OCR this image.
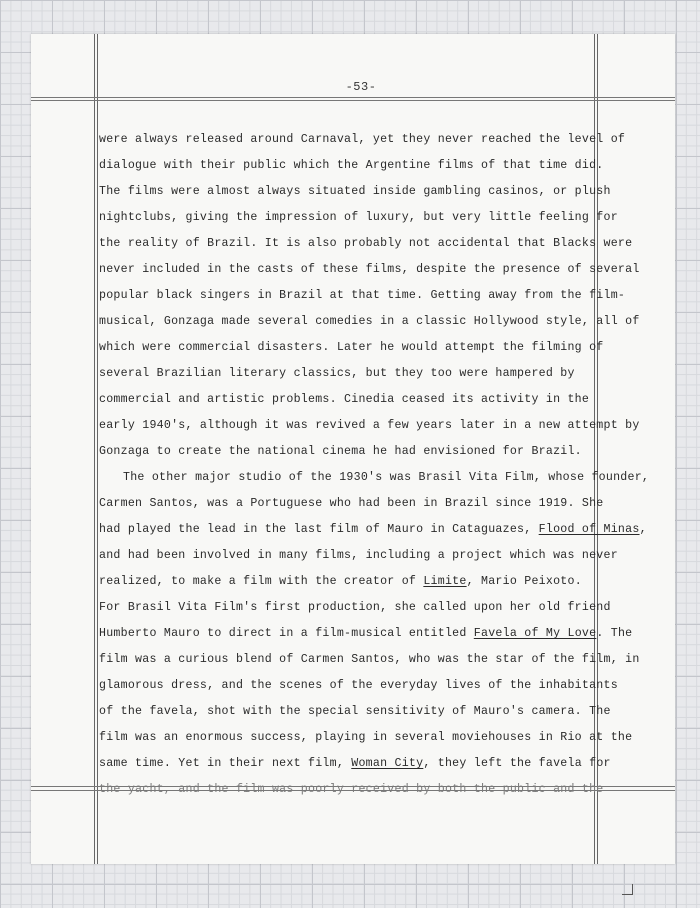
-53-
were always released around Carnaval, yet they never reached the level of
dialogue with their public which the Argentine films of that time did.
The films were almost always situated inside gambling casinos, or plush
nightclubs, giving the impression of luxury, but very little feeling for
the reality of Brazil. It is also probably not accidental that Blacks were
never included in the casts of these films, despite the presence of several
popular black singers in Brazil at that time. Getting away from the film-
musical, Gonzaga made several comedies in a classic Hollywood style, all of
which were commercial disasters. Later he would attempt the filming of
several Brazilian literary classics, but they too were hampered by
commercial and artistic problems. Cinedia ceased its activity in the
early 1940's, although it was revived a few years later in a new attempt by
Gonzaga to create the national cinema he had envisioned for Brazil.
The other major studio of the 1930's was Brasil Vita Film, whose founder,
Carmen Santos, was a Portuguese who had been in Brazil since 1919. She
had played the lead in the last film of Mauro in Cataguazes, Flood of Minas,
and had been involved in many films, including a project which was never
realized, to make a film with the creator of Limite, Mario Peixoto.
For Brasil Vita Film's first production, she called upon her old friend
Humberto Mauro to direct in a film-musical entitled Favela of My Love. The
film was a curious blend of Carmen Santos, who was the star of the film, in
glamorous dress, and the scenes of the everyday lives of the inhabitants
of the favela, shot with the special sensitivity of Mauro's camera. The
film was an enormous success, playing in several moviehouses in Rio at the
same time. Yet in their next film, Woman City, they left the favela for
the yacht, and the film was poorly received by both the public and the
